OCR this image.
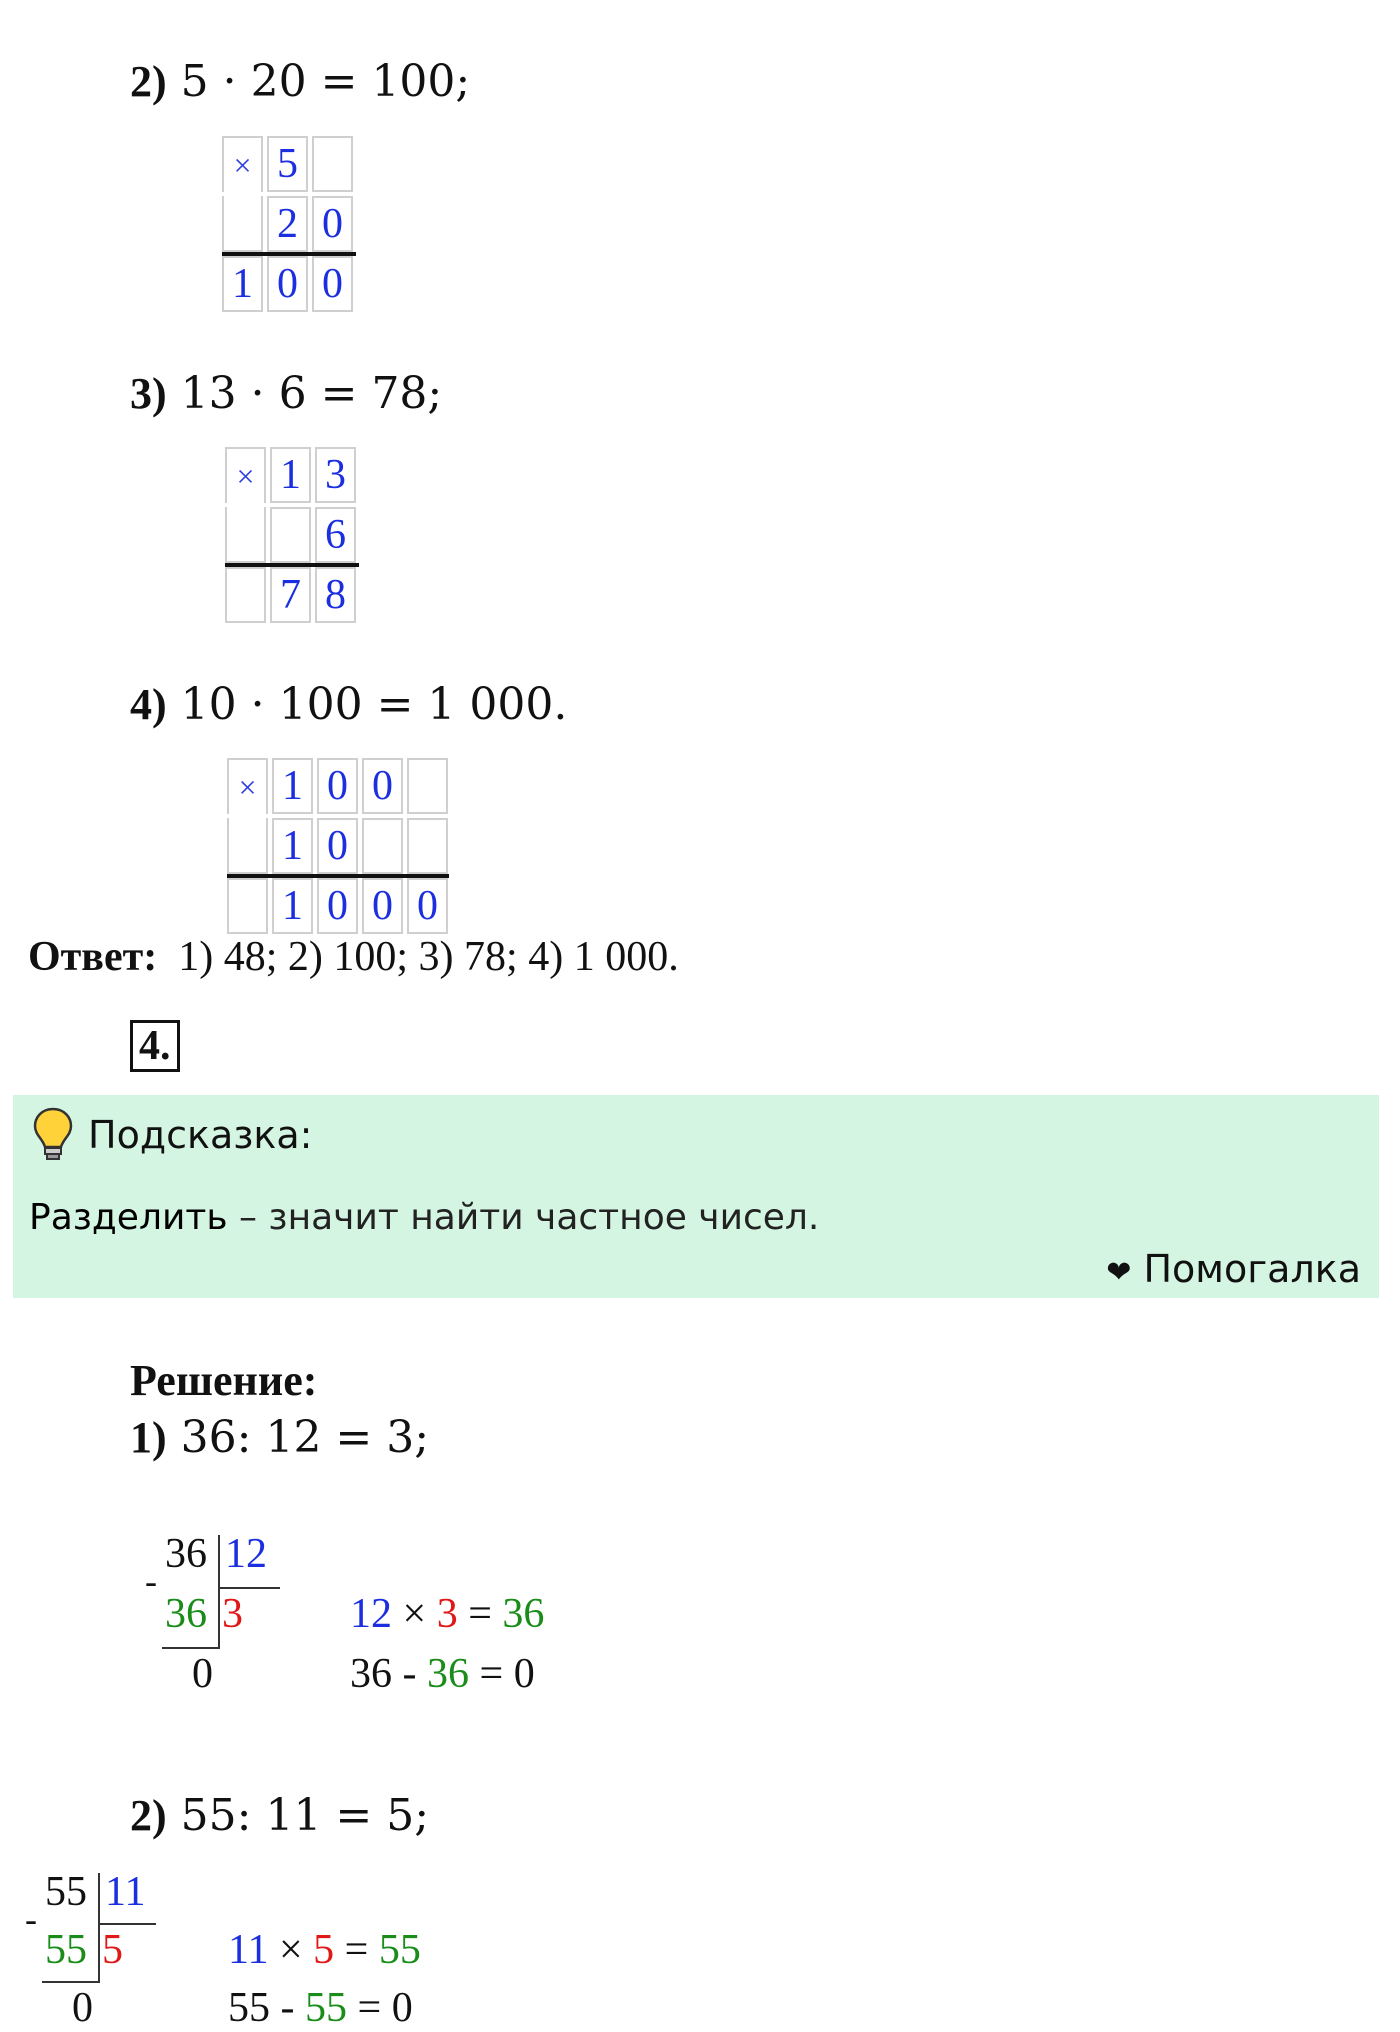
2) 5 · 20 = 100;
×	5	
	2	0
1	0	0
3) 13 · 6 = 78;
×	1	3
		6
	7	8
4) 10 · 100 = 1 000.
×	1	0	0	
	1	0		
	1	0	0	0
Ответ: 1) 48; 2) 100; 3) 78; 4) 1 000.
4.
Подсказка:
Разделить – значит найти частное чисел.
❤ Помогалка
Решение:
1) 36: 12 = 3;
36 12
-
36 3
0
12 × 3 = 36
36 - 36 = 0
2) 55: 11 = 5;
55 11
-
55 5
0
11 × 5 = 55
55 - 55 = 0
